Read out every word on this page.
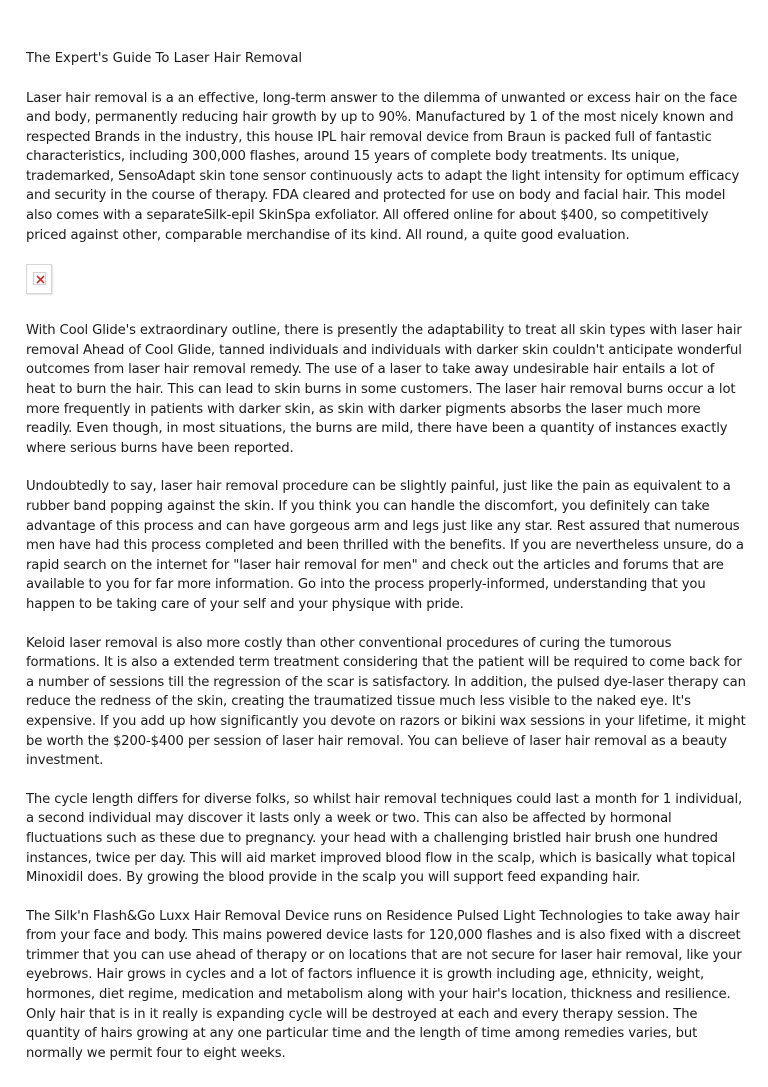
The Expert's Guide To Laser Hair Removal

Laser hair removal is a an effective, long-term answer to the dilemma of unwanted or excess hair on the face and body, permanently reducing hair growth by up to 90%. Manufactured by 1 of the most nicely known and respected Brands in the industry, this house IPL hair removal device from Braun is packed full of fantastic characteristics, including 300,000 flashes, around 15 years of complete body treatments. Its unique, trademarked, SensoAdapt skin tone sensor continuously acts to adapt the light intensity for optimum efficacy and security in the course of therapy. FDA cleared and protected for use on body and facial hair. This model also comes with a separateSilk-epil SkinSpa exfoliator. All offered online for about $400, so competitively priced against other, comparable merchandise of its kind. All round, a quite good evaluation.

With Cool Glide's extraordinary outline, there is presently the adaptability to treat all skin types with laser hair removal Ahead of Cool Glide, tanned individuals and individuals with darker skin couldn't anticipate wonderful outcomes from laser hair removal remedy. The use of a laser to take away undesirable hair entails a lot of heat to burn the hair. This can lead to skin burns in some customers. The laser hair removal burns occur a lot more frequently in patients with darker skin, as skin with darker pigments absorbs the laser much more readily. Even though, in most situations, the burns are mild, there have been a quantity of instances exactly where serious burns have been reported.

Undoubtedly to say, laser hair removal procedure can be slightly painful, just like the pain as equivalent to a rubber band popping against the skin. If you think you can handle the discomfort, you definitely can take advantage of this process and can have gorgeous arm and legs just like any star. Rest assured that numerous men have had this process completed and been thrilled with the benefits. If you are nevertheless unsure, do a rapid search on the internet for "laser hair removal for men" and check out the articles and forums that are available to you for far more information. Go into the process properly-informed, understanding that you happen to be taking care of your self and your physique with pride.

Keloid laser removal is also more costly than other conventional procedures of curing the tumorous formations. It is also a extended term treatment considering that the patient will be required to come back for a number of sessions till the regression of the scar is satisfactory. In addition, the pulsed dye-laser therapy can reduce the redness of the skin, creating the traumatized tissue much less visible to the naked eye. It's expensive. If you add up how significantly you devote on razors or bikini wax sessions in your lifetime, it might be worth the $200-$400 per session of laser hair removal. You can believe of laser hair removal as a beauty investment.

The cycle length differs for diverse folks, so whilst hair removal techniques could last a month for 1 individual, a second individual may discover it lasts only a week or two. This can also be affected by hormonal fluctuations such as these due to pregnancy. your head with a challenging bristled hair brush one hundred instances, twice per day. This will aid market improved blood flow in the scalp, which is basically what topical Minoxidil does. By growing the blood provide in the scalp you will support feed expanding hair.

The Silk'n Flash&Go Luxx Hair Removal Device runs on Residence Pulsed Light Technologies to take away hair from your face and body. This mains powered device lasts for 120,000 flashes and is also fixed with a discreet trimmer that you can use ahead of therapy or on locations that are not secure for laser hair removal, like your eyebrows. Hair grows in cycles and a lot of factors influence it is growth including age, ethnicity, weight, hormones, diet regime, medication and metabolism along with your hair's location, thickness and resilience. Only hair that is in it really is expanding cycle will be destroyed at each and every therapy session. The quantity of hairs growing at any one particular time and the length of time among remedies varies, but normally we permit four to eight weeks.
